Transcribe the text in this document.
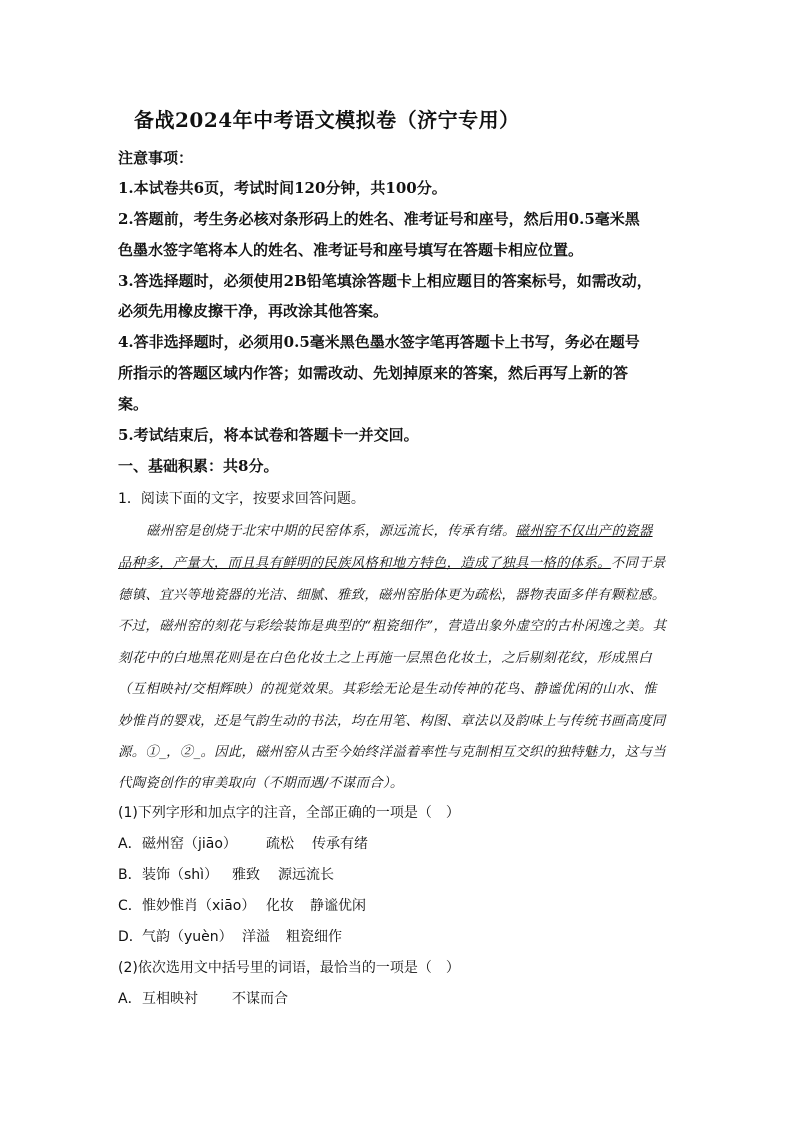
备战2024年中考语文模拟卷（济宁专用）
注意事项：
1.本试卷共6页，考试时间120分钟，共100分。
2.答题前，考生务必核对条形码上的姓名、准考证号和座号，然后用0.5毫米黑
色墨水签字笔将本人的姓名、准考证号和座号填写在答题卡相应位置。
3.答选择题时，必须使用2B铅笔填涂答题卡上相应题目的答案标号，如需改动，
必须先用橡皮擦干净，再改涂其他答案。
4.答非选择题时，必须用0.5毫米黑色墨水签字笔再答题卡上书写，务必在题号
所指示的答题区域内作答；如需改动、先划掉原来的答案，然后再写上新的答
案。
5.考试结束后，将本试卷和答题卡一并交回。
一、基础积累：共8分。
1．阅读下面的文字，按要求回答问题。
磁州窑是创烧于北宋中期的民窑体系，源远流长，传承有绪。磁州窑不仅出产的瓷器
品种多，产量大，而且具有鲜明的民族风格和地方特色，造成了独具一格的体系。不同于景
德镇、宜兴等地瓷器的光洁、细腻、雅致，磁州窑胎体更为疏松，器物表面多伴有颗粒感。
不过，磁州窑的刻花与彩绘装饰是典型的“粗瓷细作”，营造出象外虚空的古朴闲逸之美。其
刻花中的白地黑花则是在白色化妆土之上再施一层黑色化妆土，之后剔刻花纹，形成黑白
（互相映衬/交相辉映）的视觉效果。其彩绘无论是生动传神的花鸟、静谧优闲的山水、惟
妙惟肖的婴戏，还是气韵生动的书法，均在用笔、构图、章法以及韵味上与传统书画高度同
源。①_，②_。因此，磁州窑从古至今始终洋溢着率性与克制相互交织的独特魅力，这与当
代陶瓷创作的审美取向（不期而遇/不谋而合）。
(1)下列字形和加点字的注音，全部正确的一项是（　）
A．磁州窑（jiāo） 疏松 传承有绪
B．装饰（shì） 雅致 源远流长
C．惟妙惟肖（xiāo） 化妆 静谧优闲
D．气韵（yuèn） 洋溢 粗瓷细作
(2)依次选用文中括号里的词语，最恰当的一项是（　）
A．互相映衬 不谋而合
